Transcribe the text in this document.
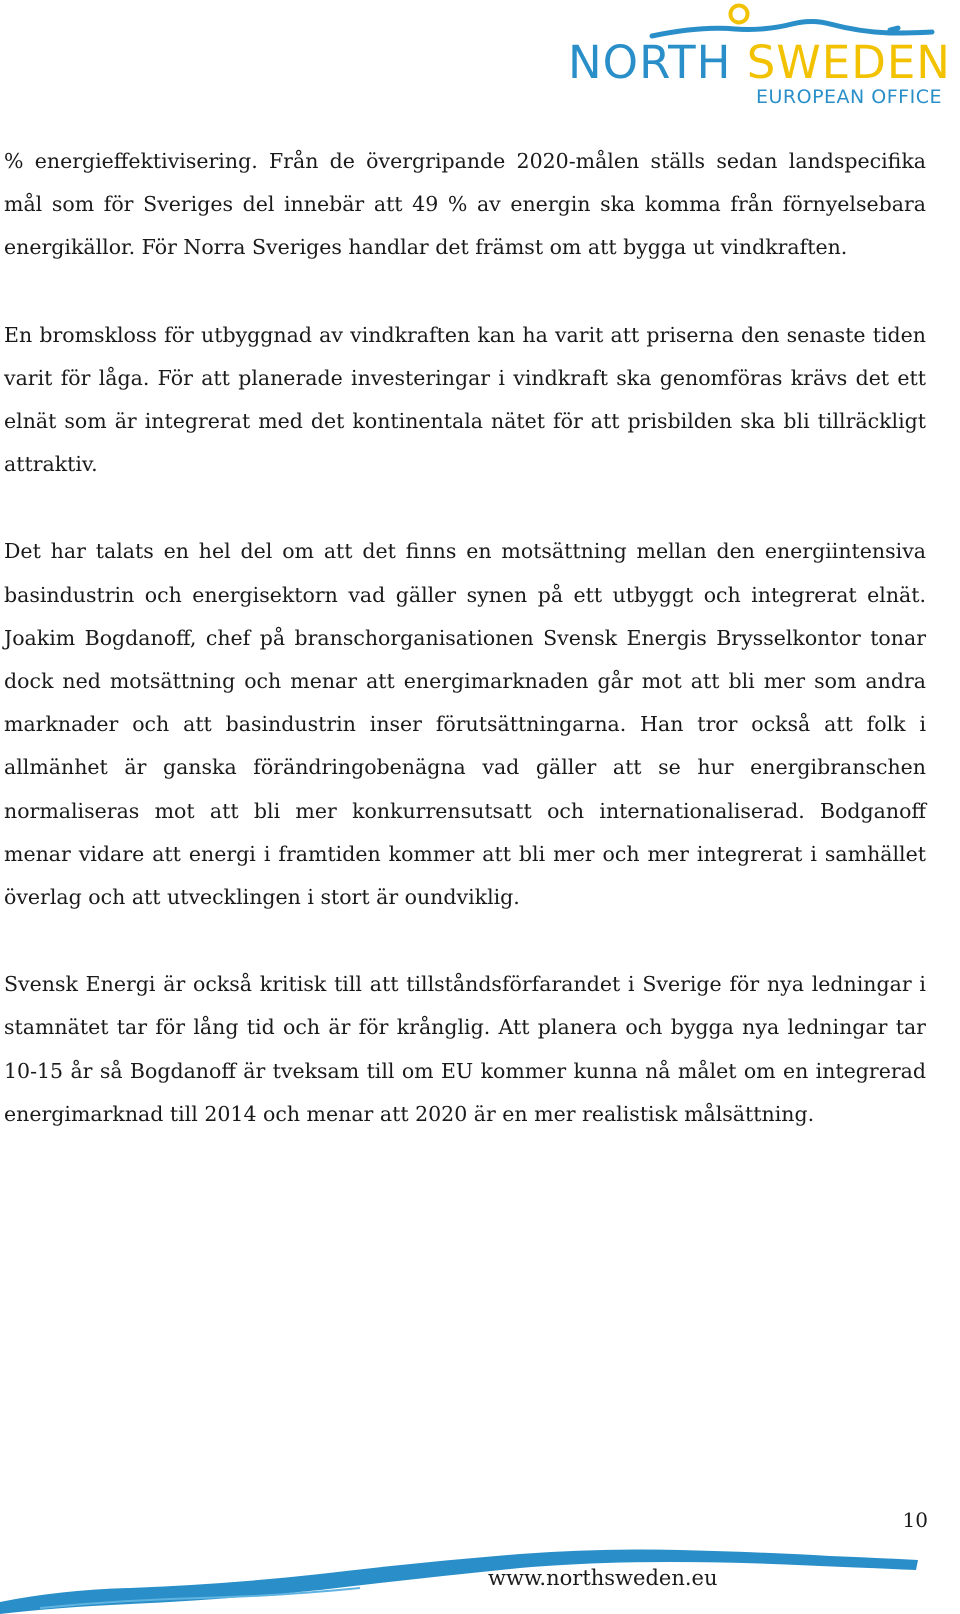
NORTH SWEDEN
EUROPEAN OFFICE

% energieffektivisering. Från de övergripande 2020-målen ställs sedan landspecifika mål som för Sveriges del innebär att 49 % av energin ska komma från förnyelsebara energikällor. För Norra Sveriges handlar det främst om att bygga ut vindkraften.

En bromskloss för utbyggnad av vindkraften kan ha varit att priserna den senaste tiden varit för låga. För att planerade investeringar i vindkraft ska genomföras krävs det ett elnät som är integrerat med det kontinentala nätet för att prisbilden ska bli tillräckligt attraktiv.

Det har talats en hel del om att det finns en motsättning mellan den energiintensiva basindustrin och energisektorn vad gäller synen på ett utbyggt och integrerat elnät. Joakim Bogdanoff, chef på branschorganisationen Svensk Energis Brysselkontor tonar dock ned motsättning och menar att energimarknaden går mot att bli mer som andra marknader och att basindustrin inser förutsättningarna. Han tror också att folk i allmänhet är ganska förändringobenägna vad gäller att se hur energibranschen normaliseras mot att bli mer konkurrensutsatt och internationaliserad. Bodganoff menar vidare att energi i framtiden kommer att bli mer och mer integrerat i samhället överlag och att utvecklingen i stort är oundviklig.

Svensk Energi är också kritisk till att tillståndsförfarandet i Sverige för nya ledningar i stamnätet tar för lång tid och är för krånglig. Att planera och bygga nya ledningar tar 10-15 år så Bogdanoff är tveksam till om EU kommer kunna nå målet om en integrerad energimarknad till 2014 och menar att 2020 är en mer realistisk målsättning.

10
www.northsweden.eu
